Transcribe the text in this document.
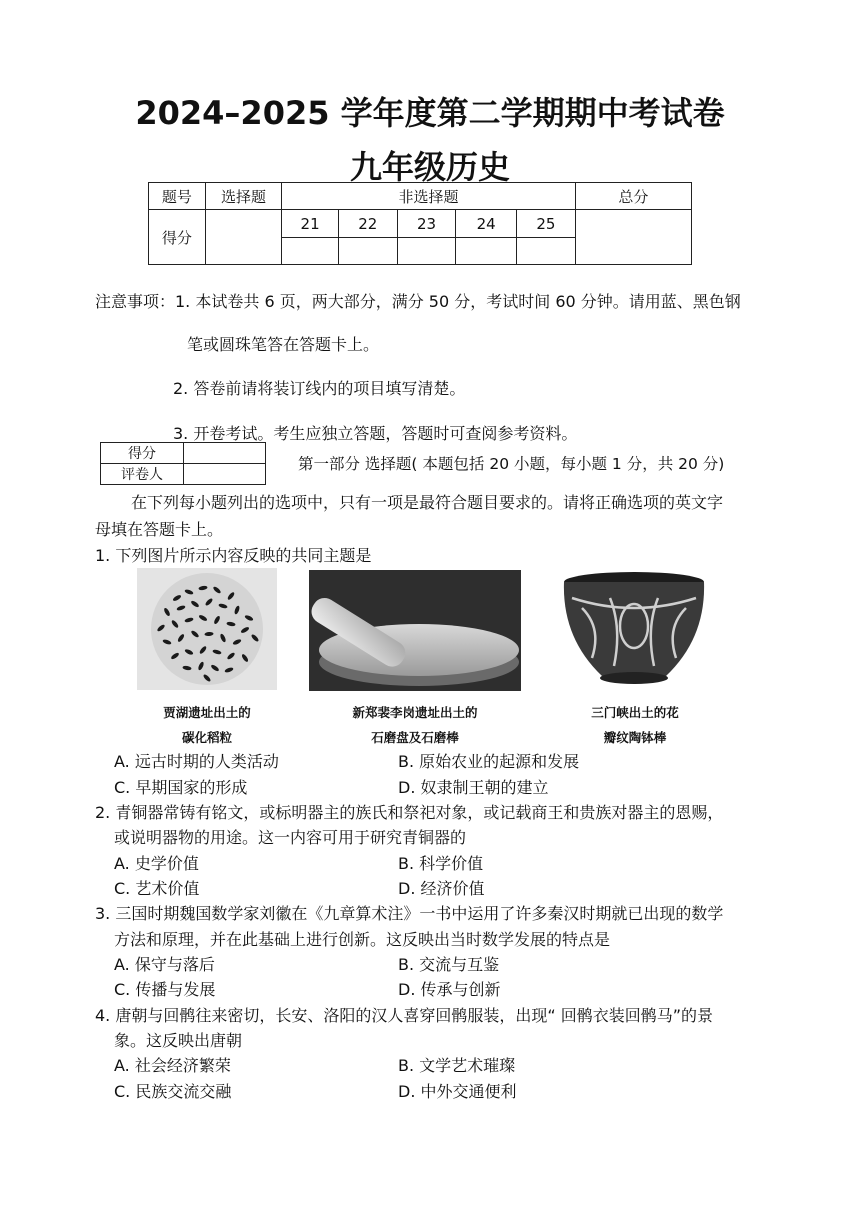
2024–2025 学年度第二学期期中考试卷
九年级历史
题号	选择题	非选择题					总分
得分		21	22	23	24	25	

注意事项：1. 本试卷共 6 页，两大部分，满分 50 分，考试时间 60 分钟。请用蓝、黑色钢
笔或圆珠笔答在答题卡上。
2. 答卷前请将装订线内的项目填写清楚。
3. 开卷考试。考生应独立答题，答题时可查阅参考资料。
得分	
评卷人	
第一部分 选择题( 本题包括 20 小题，每小题 1 分，共 20 分)
在下列每小题列出的选项中，只有一项是最符合题目要求的。请将正确选项的英文字
母填在答题卡上。
1. 下列图片所示内容反映的共同主题是
贾湖遗址出土的
碳化稻粒
新郑裴李岗遗址出土的
石磨盘及石磨棒
三门峡出土的花
瓣纹陶钵棒
A. 远古时期的人类活动	B. 原始农业的起源和发展
C. 早期国家的形成	D. 奴隶制王朝的建立
2. 青铜器常铸有铭文，或标明器主的族氏和祭祀对象，或记载商王和贵族对器主的恩赐，
或说明器物的用途。这一内容可用于研究青铜器的
A. 史学价值	B. 科学价值
C. 艺术价值	D. 经济价值
3. 三国时期魏国数学家刘徽在《九章算术注》一书中运用了许多秦汉时期就已出现的数学
方法和原理，并在此基础上进行创新。这反映出当时数学发展的特点是
A. 保守与落后	B. 交流与互鉴
C. 传播与发展	D. 传承与创新
4. 唐朝与回鹘往来密切，长安、洛阳的汉人喜穿回鹘服装，出现“ 回鹘衣装回鹘马”的景
象。这反映出唐朝
A. 社会经济繁荣	B. 文学艺术璀璨
C. 民族交流交融	D. 中外交通便利
